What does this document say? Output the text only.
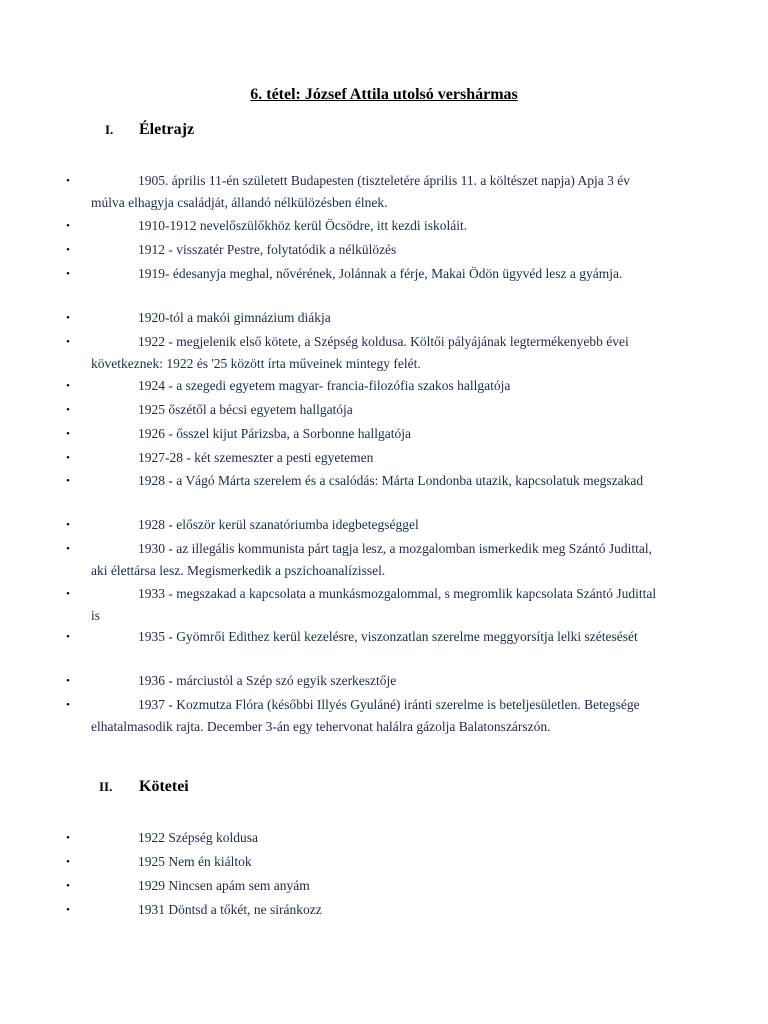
6. tétel: József Attila utolsó vershármas
I. Életrajz
II. Kötetei
•	1905. április 11-én született Budapesten (tiszteletére április 11. a költészet napja) Apja 3 év múlva elhagyja családját, állandó nélkülözésben élnek.
•	1910-1912 nevelőszülőkhöz kerül Öcsödre, itt kezdi iskoláit.
•	1912 - visszatér Pestre, folytatódik a nélkülözés
•	1919- édesanyja meghal, nővérének, Jolánnak a férje, Makai Ödön ügyvéd lesz a gyámja.
•	1920-tól a makói gimnázium diákja
•	1922 - megjelenik első kötete, a Szépség koldusa. Költői pályájának legtermékenyebb évei következnek: 1922 és '25 között írta műveinek mintegy felét.
•	1924 - a szegedi egyetem magyar- francia-filozófia szakos hallgatója
•	1925 őszétől a bécsi egyetem hallgatója
•	1926 - ősszel kijut Párizsba, a Sorbonne hallgatója
•	1927-28 - két szemeszter a pesti egyetemen
•	1928 - a Vágó Márta szerelem és a csalódás: Márta Londonba utazik, kapcsolatuk megszakad
•	1928 - először kerül szanatóriumba idegbetegséggel
•	1930 - az illegális kommunista párt tagja lesz, a mozgalomban ismerkedik meg Szántó Judittal, aki élettársa lesz. Megismerkedik a pszichoanalízissel.
•	1933 - megszakad a kapcsolata a munkásmozgalommal, s megromlik kapcsolata Szántó Judittal is
•	1935 - Gyömrői Edithez kerül kezelésre, viszonzatlan szerelme meggyorsítja lelki szétesését
•	1936 - márciustól a Szép szó egyik szerkesztője
•	1937 - Kozmutza Flóra (későbbi Illyés Gyuláné) iránti szerelme is beteljesületlen. Betegsége elhatalmasodik rajta. December 3-án egy tehervonat halálra gázolja Balatonszárszón.
•	1922 Szépség koldusa
•	1925 Nem én kiáltok
•	1929 Nincsen apám sem anyám
•	1931 Döntsd a tőkét, ne siránkozz
